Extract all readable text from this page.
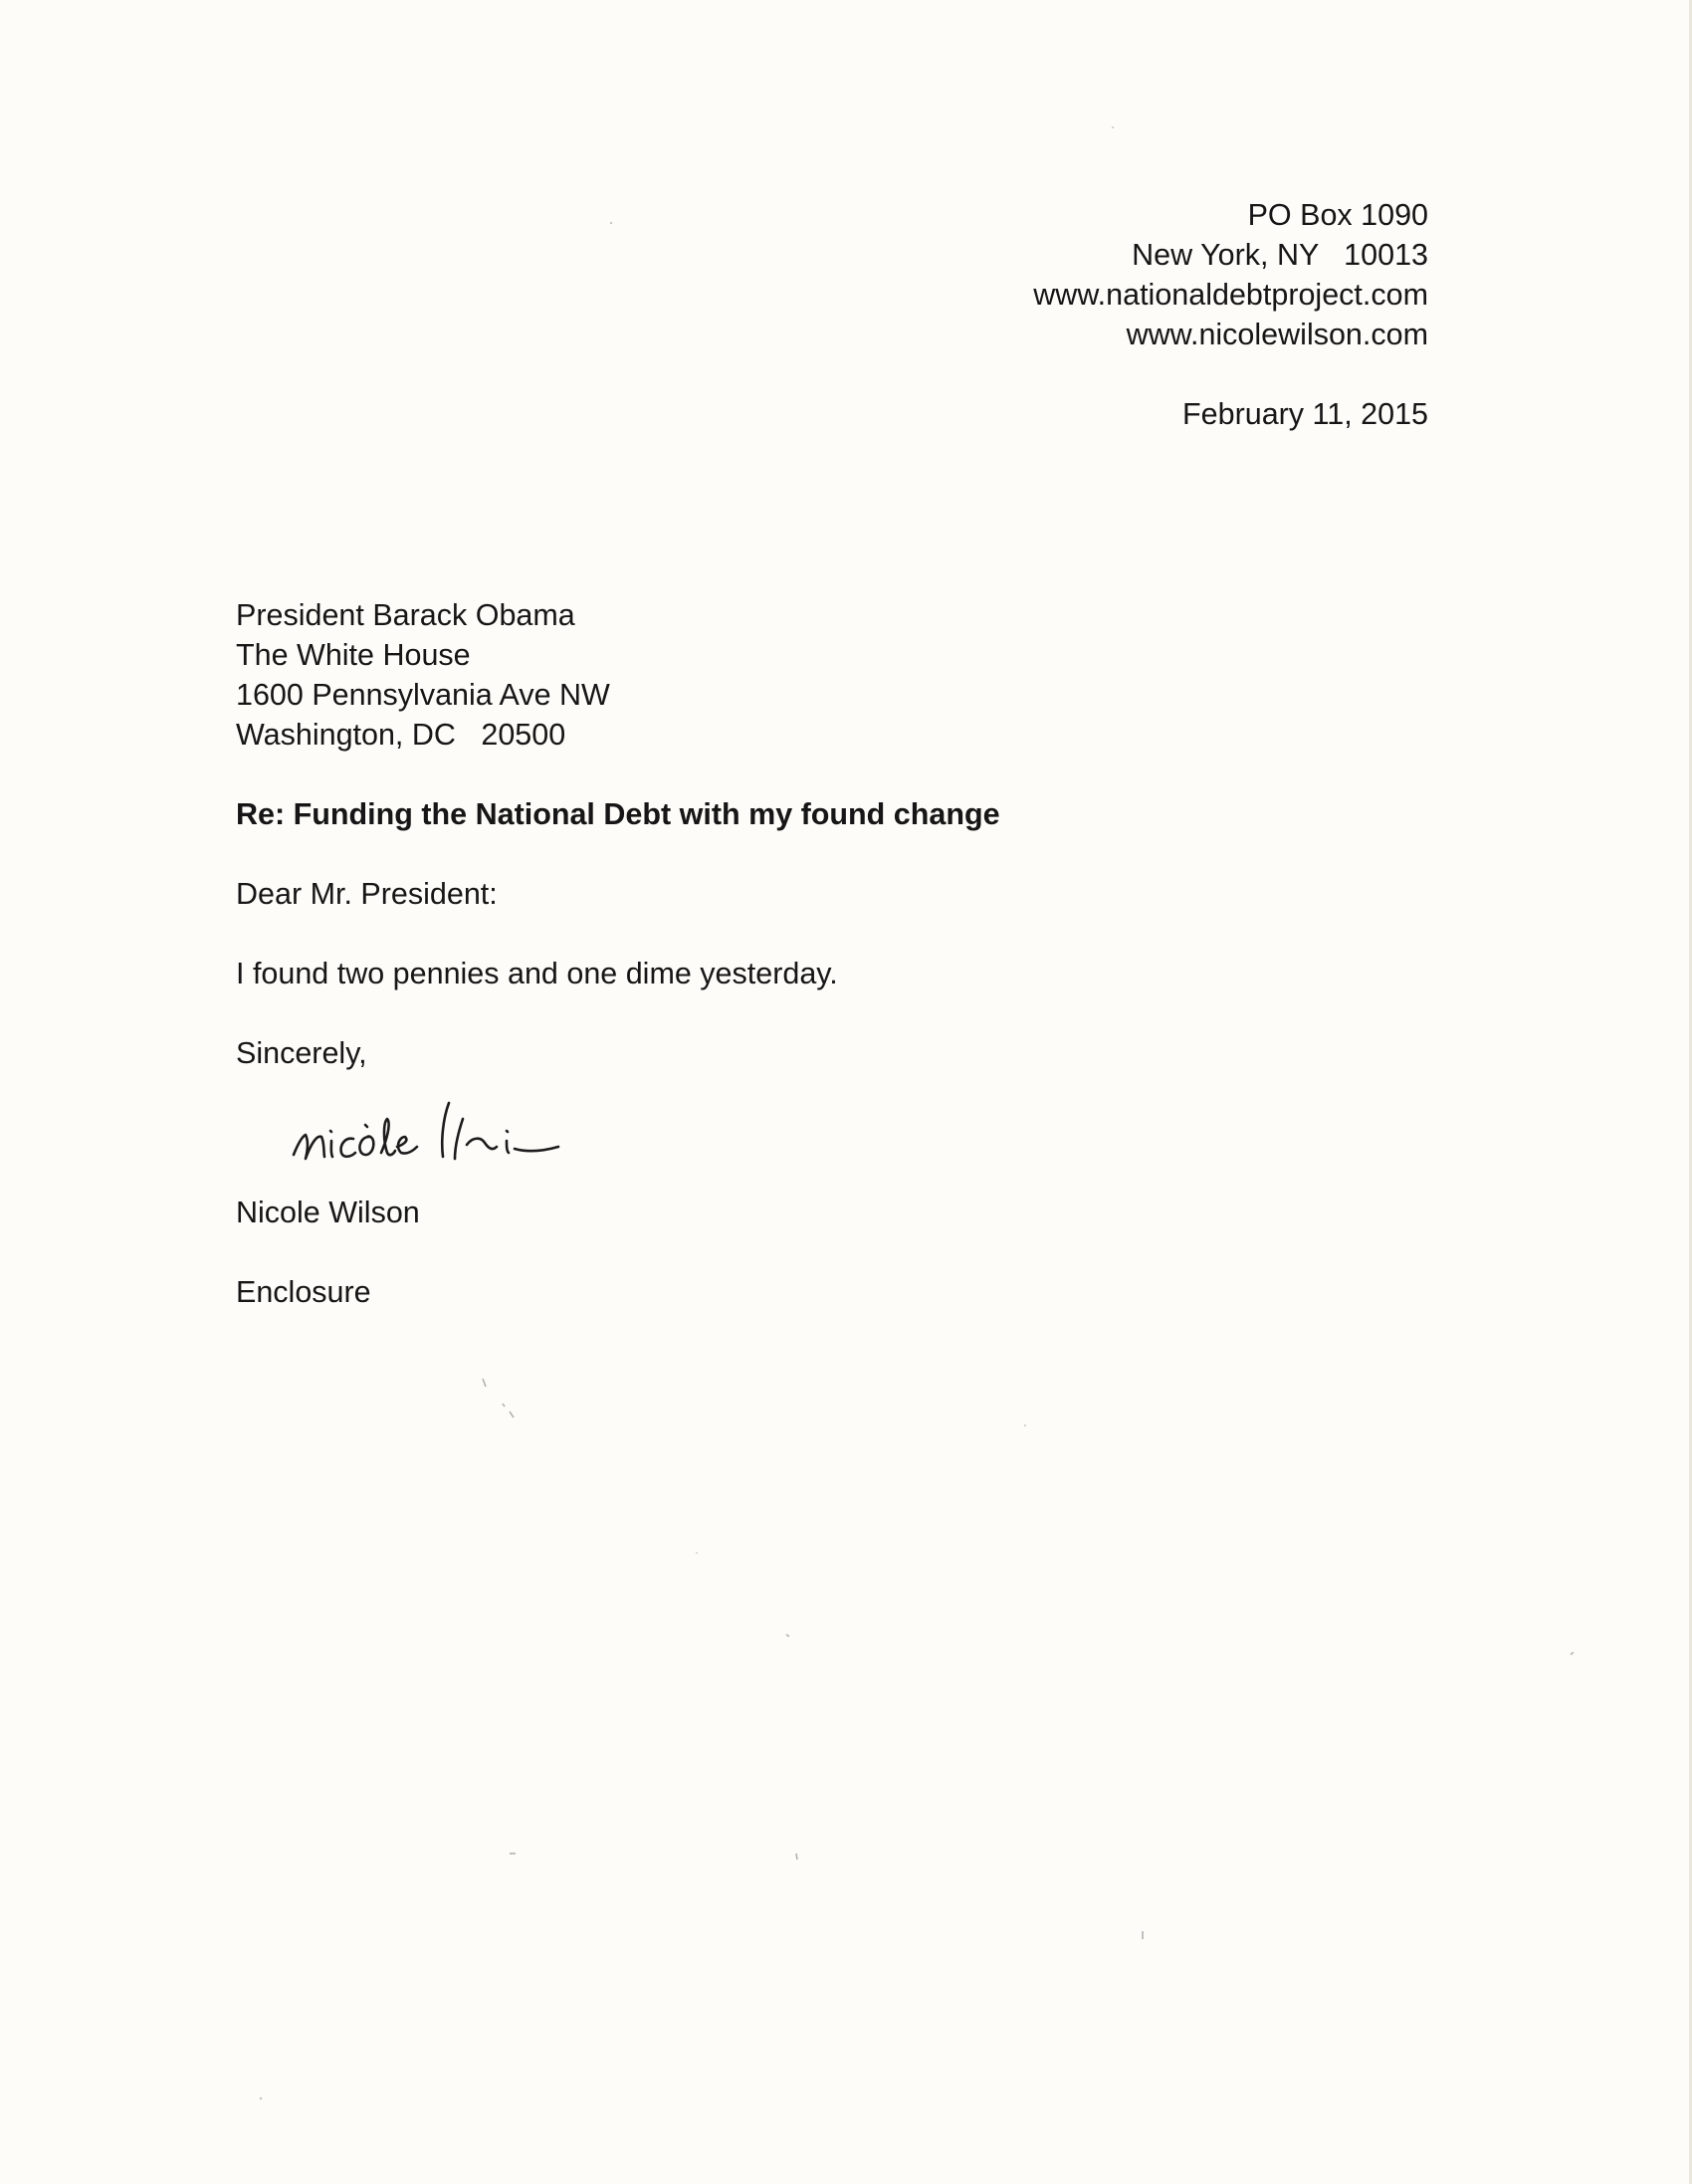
PO Box 1090
New York, NY   10013
www.nationaldebtproject.com
www.nicolewilson.com
February 11, 2015
President Barack Obama
The White House
1600 Pennsylvania Ave NW
Washington, DC   20500
Re: Funding the National Debt with my found change
Dear Mr. President:
I found two pennies and one dime yesterday.
Sincerely,
Nicole Wilson
Enclosure
